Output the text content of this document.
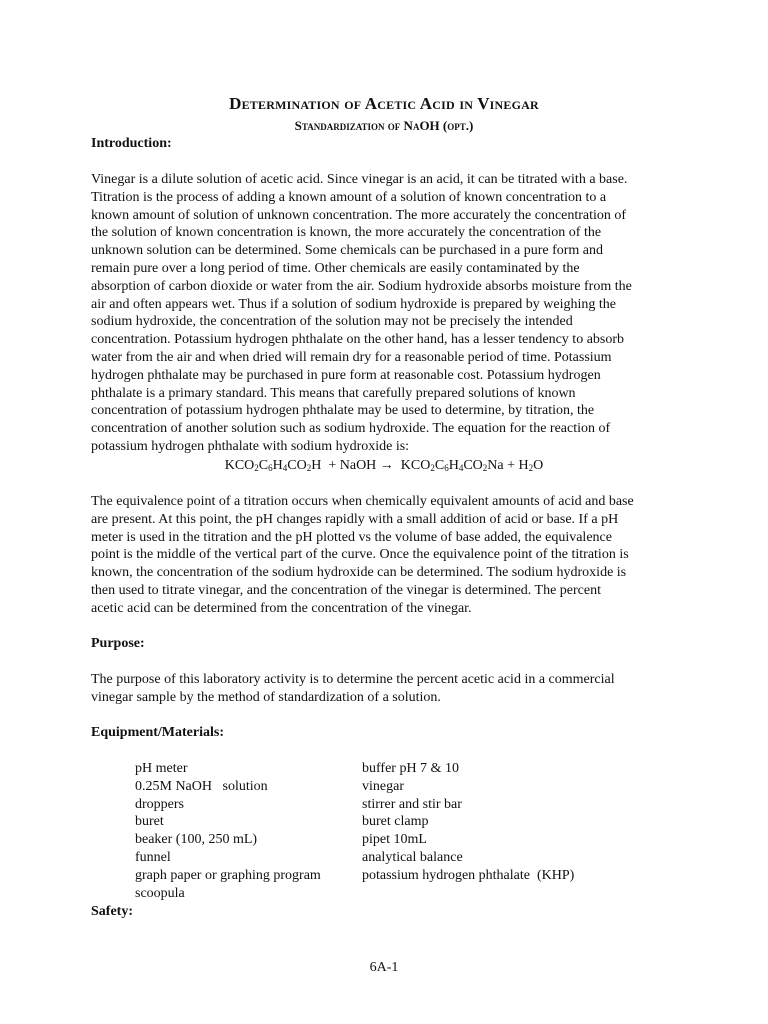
Determination of Acetic Acid in Vinegar
Standardization of NaOH (opt.)
Introduction:
Vinegar is a dilute solution of acetic acid. Since vinegar is an acid, it can be titrated with a base.
Titration is the process of adding a known amount of a solution of known concentration to a
known amount of solution of unknown concentration. The more accurately the concentration of
the solution of known concentration is known, the more accurately the concentration of the
unknown solution can be determined. Some chemicals can be purchased in a pure form and
remain pure over a long period of time. Other chemicals are easily contaminated by the
absorption of carbon dioxide or water from the air. Sodium hydroxide absorbs moisture from the
air and often appears wet. Thus if a solution of sodium hydroxide is prepared by weighing the
sodium hydroxide, the concentration of the solution may not be precisely the intended
concentration. Potassium hydrogen phthalate on the other hand, has a lesser tendency to absorb
water from the air and when dried will remain dry for a reasonable period of time. Potassium
hydrogen phthalate may be purchased in pure form at reasonable cost. Potassium hydrogen
phthalate is a primary standard. This means that carefully prepared solutions of known
concentration of potassium hydrogen phthalate may be used to determine, by titration, the
concentration of another solution such as sodium hydroxide. The equation for the reaction of
potassium hydrogen phthalate with sodium hydroxide is:
$KCO_2C_6H_4CO_2H$ + NaOH → $KCO_2C_6H_4CO_2Na + H_2O$
The equivalence point of a titration occurs when chemically equivalent amounts of acid and base
are present. At this point, the pH changes rapidly with a small addition of acid or base. If a pH
meter is used in the titration and the pH plotted vs the volume of base added, the equivalence
point is the middle of the vertical part of the curve. Once the equivalence point of the titration is
known, the concentration of the sodium hydroxide can be determined. The sodium hydroxide is
then used to titrate vinegar, and the concentration of the vinegar is determined. The percent
acetic acid can be determined from the concentration of the vinegar.
Purpose:
The purpose of this laboratory activity is to determine the percent acetic acid in a commercial
vinegar sample by the method of standardization of a solution.
Equipment/Materials:
pH meter
0.25M NaOH   solution
droppers
buret
beaker (100, 250 mL)
funnel
graph paper or graphing program
scoopula
buffer pH 7 & 10
vinegar
stirrer and stir bar
buret clamp
pipet 10mL
analytical balance
potassium hydrogen phthalate  (KHP)
Safety:
6A-1
